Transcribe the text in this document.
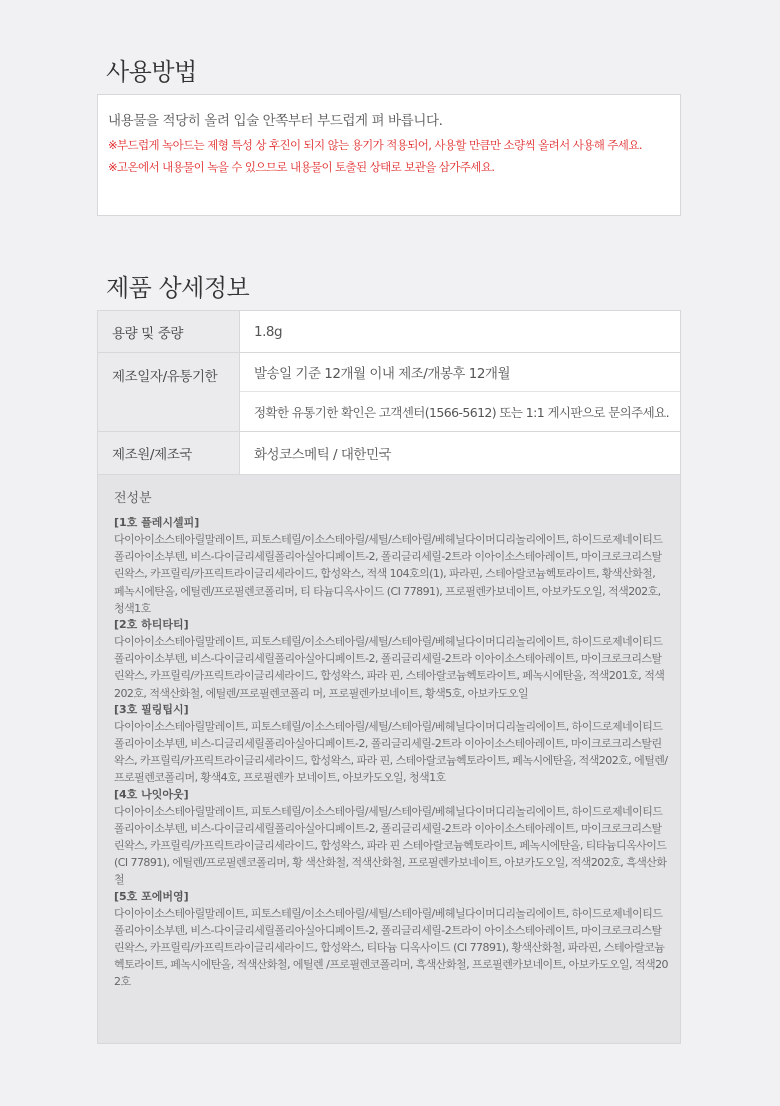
사용방법

내용물을 적당히 올려 입술 안쪽부터 부드럽게 펴 바릅니다.

※부드럽게 녹아드는 제형 특성 상 후진이 되지 않는 용기가 적용되어, 사용할 만큼만 소량씩 올려서 사용해 주세요.

※고온에서 내용물이 녹을 수 있으므로 내용물이 토출된 상태로 보관을 삼가주세요.

제품 상세정보
용량 및 중량	1.8g
제조일자/유통기한	발송일 기준 12개월 이내 제조/개봉후 12개월
정확한 유통기한 확인은 고객센터(1566-5612) 또는 1:1 게시판으로 문의주세요.
제조원/제조국	화성코스메틱 / 대한민국

전성분

[1호 플레시셀피]

다이아이소스테아릴말레이트, 피토스테릴/이소스테아릴/세틸/스테아릴/베헤닐다이머디리놀리에이트, 하이드로제네이티드폴리아이소부텐, 비스-다이글리세릴폴리아실아디페이트-2, 폴리글리세릴-2트라 이아이소스테아레이트, 마이크로크리스탈린왁스, 카프릴릭/카프릭트라이글리세라이드, 합성왁스, 적색 104호의(1), 파라핀, 스테아랄코늄헥토라이트, 황색산화철, 페녹시에탄올, 에틸렌/프로필렌코폴리머, 티 타늄디옥사이드 (CI 77891), 프로필렌카보네이트, 아보카도오일, 적색202호, 청색1호

[2호 하티타티]

다이아이소스테아릴말레이트, 피토스테릴/이소스테아릴/세틸/스테아릴/베헤닐다이머디리놀리에이트, 하이드로제네이티드폴리아이소부텐, 비스-다이글리세릴폴리아실아디페이트-2, 폴리글리세릴-2트라 이아이소스테아레이트, 마이크로크리스탈린왁스, 카프릴릭/카프릭트라이글리세라이드, 합성왁스, 파라 핀, 스테아랄코늄헥토라이트, 페녹시에탄올, 적색201호, 적색202호, 적색산화철, 에틸렌/프로필렌코폴리 머, 프로필렌카보네이트, 황색5호, 아보카도오일

[3호 필링팁시]

다이아이소스테아릴말레이트, 피토스테릴/이소스테아릴/세틸/스테아릴/베헤닐다이머디리놀리에이트, 하이드로제네이티드폴리아이소부텐, 비스-디글리세릴폴리아실아디페이트-2, 폴리글리세릴-2트라 이아이소스테아레이트, 마이크로크리스탈린왁스, 카프릴릭/카프릭트라이글리세라이드, 합성왁스, 파라 핀, 스테아랄코늄헥토라이트, 페녹시에탄올, 적색202호, 에틸렌/프로필렌코폴리머, 황색4호, 프로필렌카 보네이트, 아보카도오일, 청색1호

[4호 나잇아웃]

다이아이소스테아릴말레이트, 피토스테릴/이소스테아릴/세틸/스테아릴/베헤닐다이머디리놀리에이트, 하이드로제네이티드폴리아이소부텐, 비스-다이글리세릴폴리아실아디페이트-2, 폴리글리세릴-2트라 이아이소스테아레이트, 마이크로크리스탈린왁스, 카프릴릭/카프릭트라이글리세라이드, 합성왁스, 파라 핀 스테아랄코늄헥토라이트, 페녹시에탄올, 티타늄디옥사이드 (CI 77891), 에틸렌/프로필렌코폴리머, 황 색산화철, 적색산화철, 프로필렌카보네이트, 아보카도오일, 적색202호, 흑색산화철

[5호 포에버영]

다이아이소스테아릴말레이트, 피토스테릴/이소스테아릴/세틸/스테아릴/베헤닐다이머디리놀리에이트, 하이드로제네이티드폴리아이소부텐, 비스-다이글리세릴폴리아실아디페이트-2, 폴리글리세릴-2트라이 아이소스테아레이트, 마이크로크리스탈린왁스, 카프릴릭/카프릭트라이글리세라이드, 합성왁스, 티타늄 디옥사이드 (CI 77891), 황색산화철, 파라핀, 스테아랄코늄헥토라이트, 페녹시에탄올, 적색산화철, 에틸렌 /프로필렌코폴리머, 흑색산화철, 프로필렌카보네이트, 아보카도오일, 적색202호
